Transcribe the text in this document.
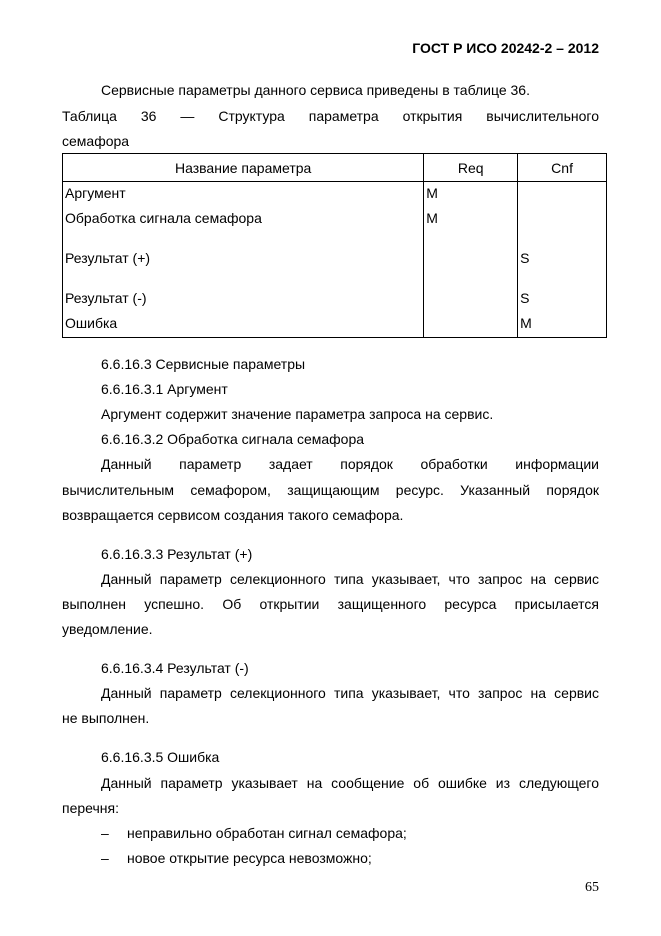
ГОСТ Р ИСО 20242-2 – 2012
Сервисные параметры данного сервиса приведены в таблице 36.
Таблица 36 — Структура параметра открытия вычислительного
семафора
Название параметра	Req	Cnf
Аргумент	M	
Обработка сигнала семафора	M	

Результат (+)		S

Результат (-)		S
Ошибка		M
6.6.16.3 Сервисные параметры
6.6.16.3.1 Аргумент
Аргумент содержит значение параметра запроса на сервис.
6.6.16.3.2 Обработка сигнала семафора
Данный параметр задает порядок обработки информации
вычислительным семафором, защищающим ресурс. Указанный порядок
возвращается сервисом создания такого семафора.
6.6.16.3.3 Результат (+)
Данный параметр селекционного типа указывает, что запрос на сервис
выполнен успешно. Об открытии защищенного ресурса присылается
уведомление.
6.6.16.3.4 Результат (-)
Данный параметр селекционного типа указывает, что запрос на сервис
не выполнен.
6.6.16.3.5 Ошибка
Данный параметр указывает на сообщение об ошибке из следующего
перечня:
– неправильно обработан сигнал семафора;
– новое открытие ресурса невозможно;
65
